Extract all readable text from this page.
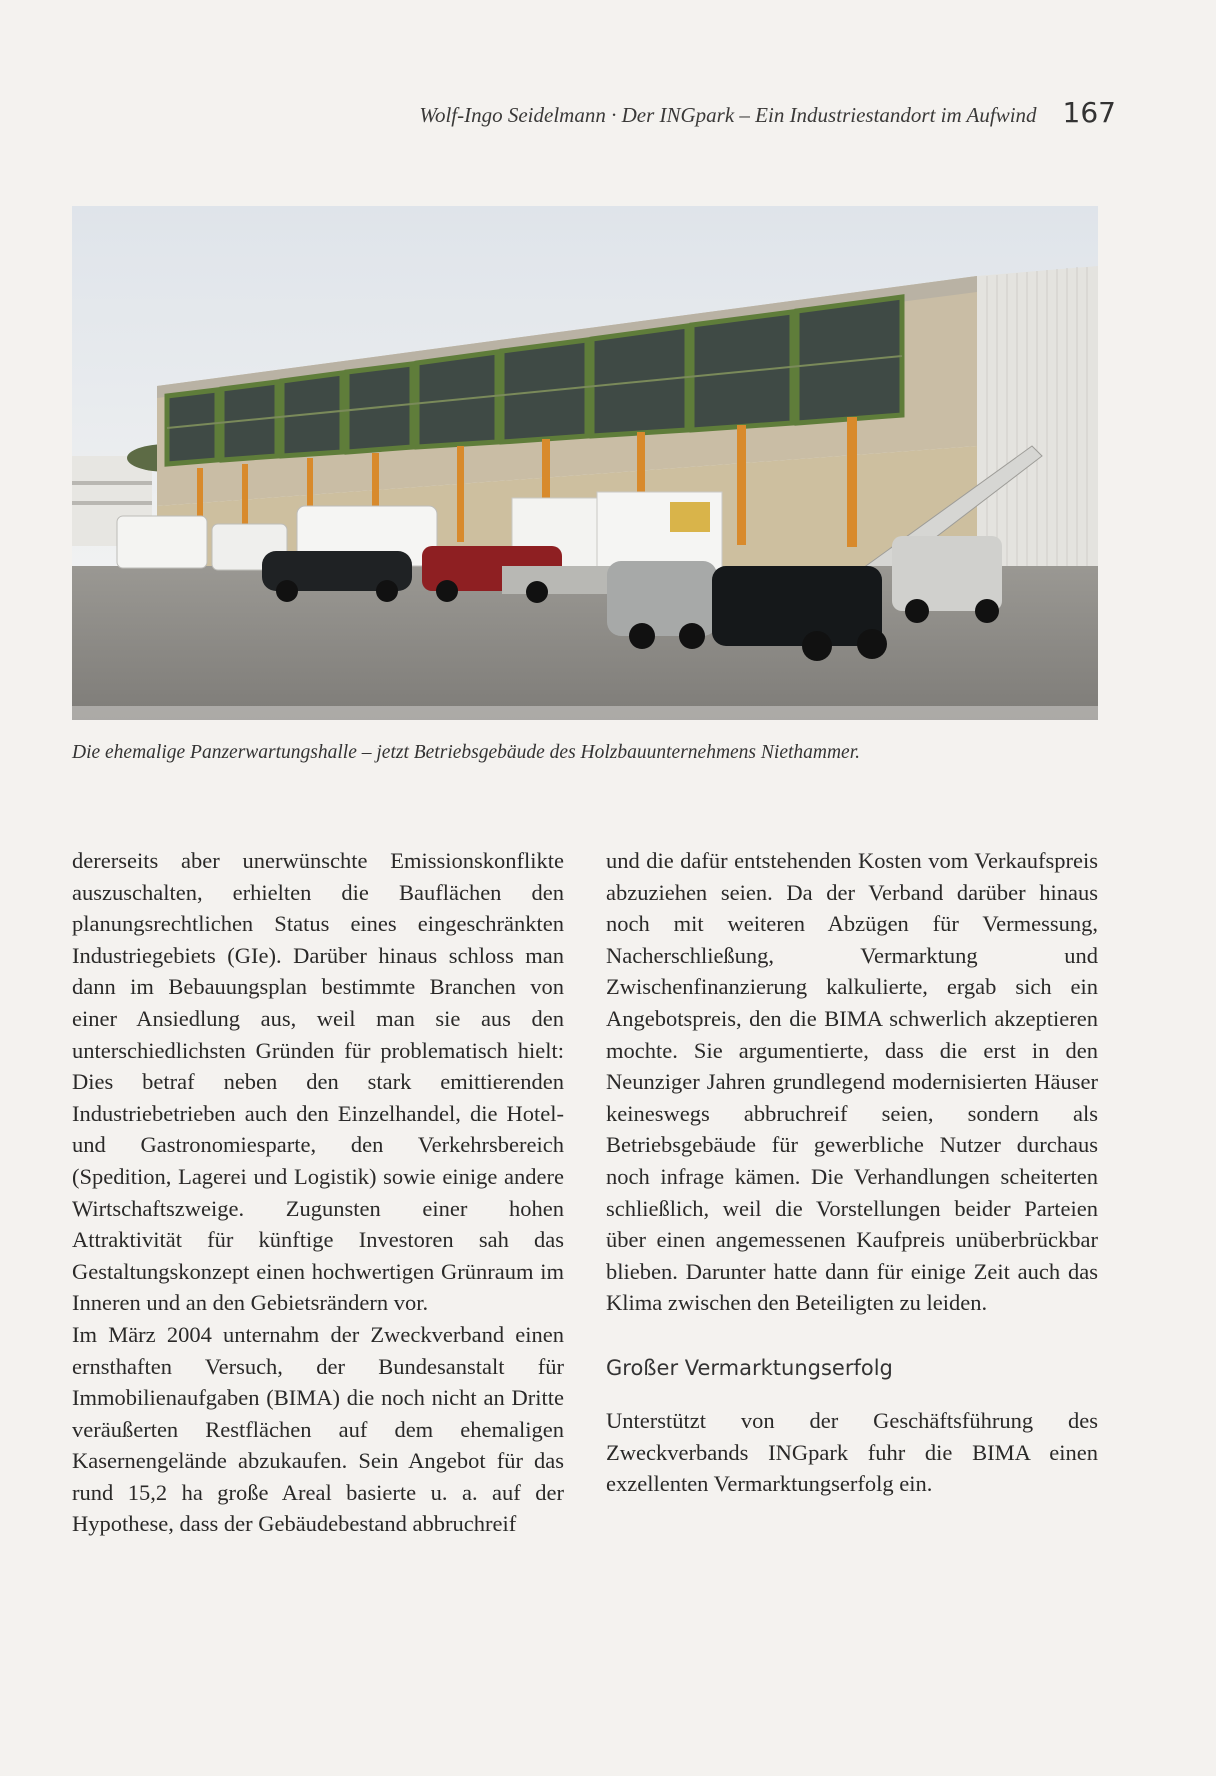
Wolf-Ingo Seidelmann · Der INGpark – Ein Industriestandort im Aufwind 167
Die ehemalige Panzerwartungshalle – jetzt Betriebsgebäude des Holzbauunternehmens Niethammer.

dererseits aber unerwünschte Emissionskonflikte auszuschalten, erhielten die Bauflächen den planungsrechtlichen Status eines eingeschränkten Industriegebiets (GIe). Darüber hinaus schloss man dann im Bebauungsplan bestimmte Branchen von einer Ansiedlung aus, weil man sie aus den unterschiedlichsten Gründen für problematisch hielt: Dies betraf neben den stark emittierenden Industriebetrieben auch den Einzelhandel, die Hotel- und Gastronomiesparte, den Verkehrsbereich (Spedition, Lagerei und Logistik) sowie einige andere Wirtschaftszweige. Zugunsten einer hohen Attraktivität für künftige Investoren sah das Gestaltungskonzept einen hochwertigen Grünraum im Inneren und an den Gebietsrändern vor.

Im März 2004 unternahm der Zweckverband einen ernsthaften Versuch, der Bundesanstalt für Immobilienaufgaben (BIMA) die noch nicht an Dritte veräußerten Restflächen auf dem ehemaligen Kasernengelände abzukaufen. Sein Angebot für das rund 15,2 ha große Areal basierte u. a. auf der Hypothese, dass der Gebäudebestand abbruchreif

und die dafür entstehenden Kosten vom Verkaufspreis abzuziehen seien. Da der Verband darüber hinaus noch mit weiteren Abzügen für Vermessung, Nacherschließung, Vermarktung und Zwischenfinanzierung kalkulierte, ergab sich ein Angebotspreis, den die BIMA schwerlich akzeptieren mochte. Sie argumentierte, dass die erst in den Neunziger Jahren grundlegend modernisierten Häuser keineswegs abbruchreif seien, sondern als Betriebsgebäude für gewerbliche Nutzer durchaus noch infrage kämen. Die Verhandlungen scheiterten schließlich, weil die Vorstellungen beider Parteien über einen angemessenen Kaufpreis unüberbrückbar blieben. Darunter hatte dann für einige Zeit auch das Klima zwischen den Beteiligten zu leiden.

Großer Vermarktungserfolg

Unterstützt von der Geschäftsführung des Zweckverbands INGpark fuhr die BIMA einen exzellenten Vermarktungserfolg ein.
